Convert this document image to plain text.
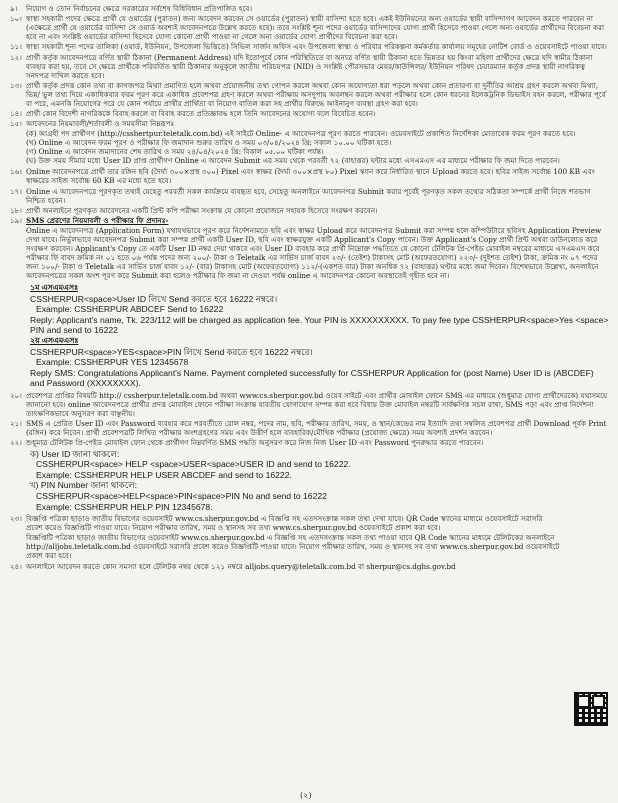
৯।	নিয়োগ ও তোন নির্বাচনের ক্ষেত্রে সরকারের সর্বশেষ বিধিবিধান প্রতিপালিত হবে।
১০। স্বাস্থ্য সহকারী পদের ক্ষেত্রে প্রার্থী যে ওয়ার্ডের (পুরাতন) জন্য আবেদন করবেন সে ওয়ার্ডের (পুরাতন) স্থায়ী বাসিন্দা হতে হবে। একই ইউনিয়নের অন্য ওয়ার্ডের স্থায়ী বাসিন্দাগণ আবেদন করতে পারবেন না (এক্ষেত্রে প্রার্থী যে ওয়ার্ডের বাসিন্দা সে ওয়ার্ড অবশ্যই আবেদনপত্রে উল্লেখ করতে হবে)। তবে সংশ্লিষ্ট শূন্য পদের ওয়ার্ডের বাসিন্দাদের যোগ্য প্রার্থী হিসেবে পাওয়া গেলে অন্য ওয়ার্ডের প্রার্থীদের বিবেচনা করা হবে না এবং সংশ্লিষ্ট ওয়ার্ডের বাসিন্দা হিসেবে যোগ্য কোনো প্রার্থী পাওয়া না গেলে অন্য ওয়ার্ডের যোগ্য প্রার্থীদের বিবেচনা করা হবে।
১১। স্বাস্থ্য সহকারী শূন্য পদের তালিকা (ওয়ার্ড, ইউনিয়ন, উপজেলা ভিত্তিতে) সিভিল সার্জন অফিস এবং উপজেলা স্বাস্থ্য ও পরিবার পরিকল্পনা কর্মকর্তার কার্যালয় সমূহের নোটিশ বোর্ড ও ওয়েবসাইটে পাওয়া যাবে।
১২। প্রার্থী কর্তৃক আবেদনপত্রে বর্ণিত স্থায়ী ঠিকানা (Permanent Address) যদি ইতোপূর্বে কোন পরিস্থিতিতে বা অন্যত্র বর্ণিত স্থায়ী ঠিকানা হতে ভিন্নতর হয় কিংবা মহিলা প্রার্থীদের ক্ষেত্রে যদি স্বামীর ঠিকানা ব্যবহার করা হয়, তবে সে ক্ষেত্রে প্রার্থীকে পরিবর্তিত স্থায়ী ঠিকানার অনুকূলে জাতীয় পরিচয়পত্র (NID) ও সংশ্লিষ্ট পৌরসভার মেয়র/কাউন্সিলর/ ইউনিয়ন পরিষদ চেয়ারম্যান কর্তৃক প্রদত্ত স্থায়ী নাগরিকত্ব সনদপত্র দাখিল করতে হবে।
১৩। প্রার্থী কর্তৃক প্রদত্ত কোন তথ্য বা কাগজপত্র মিথ্যা প্রমাণিত হলে অথবা প্রয়োজনীয় তথ্য গোপন করলে অথবা কোন অযোগ্যতা ধরা পড়লে অথবা কোন প্রতারণা বা দুর্নীতির আশ্রয় গ্রহণ করলে অথবা মিথ্যা, ভিন্ন/ ভুল তথ্য দিয়ে একাধিকবার ফরম পূরণ করে একাধিক প্রবেশপত্র গ্রহণ করলে অথবা পরীক্ষায় অসদুপায় অবলম্বন করলে অথবা পরীক্ষার হলে কোন ধরনের ইলেকট্রনিক ডিভাইস বহন করলে, পরীক্ষার পূর্বে বা পরে, এমনকি নিয়োগের পরে যে কোন পর্যায়ে প্রার্থীর প্রার্থিতা বা নিয়োগ বাতিল করা সহ প্রার্থীর বিরুদ্ধে আইনানুগ ব্যবস্থা গ্রহণ করা হবে।
১৪। প্রার্থী কোন বিদেশী নাগরিককে বিবাহ করলে বা বিবাহ করতে প্রতিজ্ঞাবদ্ধ হলে তিনি আবেদনের অযোগ্য বলে বিবেচিত হবেন।
১৫। আবেদনের নিয়মাবলী/শর্তাবলী ও সময়সীমা নিম্নরূপঃ
(ক) আগ্রহী পদ প্রার্থীগণ (http://csshertpur.teletalk.com.bd) এই সাইটে Online- এ আবেদনপত্র পূরণ করতে পারবেন। ওয়েবসাইটে প্রকাশিত নির্দেশিকা মোতাবেক ফরম পূরণ করতে হবে।
(খ) Online এ আবেদন ফরম পূরণ ও পরীক্ষার ফি জমাদান শুরুর তারিখ ও সময় ০৩/০৪/২০২৪ খ্রি: সকাল ১০.০০ ঘটিকা হতে।
(গ) Online এ আবেদন জমাদানের শেষ তারিখ ও সময় ২৪/০৪/২০২৪ খ্রি: বিকাল ০৫.০০ ঘটিকা পর্যন্ত।
(ঘ) উক্ত সময় সীমার মধ্যে User ID প্রাপ্ত প্রার্থীগণ Online এ আবেদন Submit এর সময় থেকে পরবর্তী ৭২ (বাহাত্তর) ঘন্টার মধ্যে এসএমএস এর মাধ্যমে পরীক্ষার ফি জমা দিতে পারবেন।
১৬। Online আবেদনপত্রে প্রার্থী তার রঙ্গিন ছবি (দৈর্ঘ্য ৩০০×প্রস্থ ৩০০) Pixel এবং স্বাক্ষর (দৈর্ঘ্য ৩০০×প্রস্থ ৮০) Pixel স্ক্যান করে নির্ধারিত স্থানে Upload করতে হবে। ছবির সাইজ সর্বোচ্চ 100 KB এবং স্বাক্ষরের সাইজ সর্বোচ্চ 60 KB এর মধ্যে হতে হবে।
১৭। Online এ আবেদনপত্রে পূরণকৃত তথ্যই যেহেতু পরবর্তী সকল কার্যক্রমে ব্যবহৃত হবে, সেহেতু অনলাইনে আবেদনপত্র Submit করার পূর্বেই পূরণকৃত সকল তথ্যের সঠিকতা সম্পর্কে প্রার্থী নিজে শতভাগ নিশ্চিত হবেন।
১৮। প্রার্থী অনলাইনে পূরণকৃত আবেদনের একটি প্রিন্ট কপি পরীক্ষা সংক্রান্ত যে কোনো প্রয়োজনে সহায়ক হিসেবে সংরক্ষণ করবেন।
১৯। SMS প্রেরণের নিয়মাবলী ও পরীক্ষার ফি প্রদানঃ-
Online এ আবেদনপত্র (Application Form) যথাযথভাবে পূরণ করে নির্দেশনামতে ছবি এবং স্বাক্ষর Upload করে আবেদনপত্র Submit করা সম্পন্ন হলে কম্পিউটারে ছবিসহ Application Preview দেখা যাবে। নির্ভুলভাবে আবেদনপত্র Submit করা সম্পন্ন প্রার্থী একটি User ID, ছবি এবং স্বাক্ষরযুক্ত একটি Applicant's Copy পাবেন। উক্ত Applicant's Copy প্রার্থী প্রিন্ট অথবা ডাউনলোড করে সংরক্ষণ করবেন। Applicant's Copy তে একটি User ID নম্বর দেয়া থাকবে এবং User ID ব্যবহার করে প্রার্থী নিম্নোক্ত পদ্ধতিতে যে কোনো টেলিটক প্রি-পেইড মোবাইল নম্বরের মাধ্যমে এসএমএস করে পরীক্ষার ফি বাবদ ক্রমিক নং ০১ হতে ০৬ পর্যন্ত পদের জন্য ২০০/- টাকা ও Teletalk এর সার্ভিস চার্জ বাবদ ২৩/- (তেইশ) টাকাসহ মোট (অফেরতযোগ্য) ২২৩/- (দুইশত তেইশ) টাকা, ক্রমিক নং ০৭ পদের জন্য ১০০/- টাকা ও Teletalk এর সার্ভিস চার্জ বাবদ ১২/- (বার) টাকাসহ মোট (অফেরতযোগ্য) ১১২/-(একশত বার) টাকা অনধিক ৭২ (বাহাত্তর) ঘণ্টার মধ্যে জমা দিবেন। বিশেষভাবে উল্লেখ্য, অনলাইনে আবেদনপত্রের সকল অংশ পূরণ করে Submit করা হলেও পরীক্ষার ফি জমা না দেওয়া পর্যন্ত online এ আবেদনপত্র কোনো অবস্থাতেই গৃহীত হবে না।
১ম এসএমএসঃ
CSSHERPUR<space>User ID লিখে Send করতে হবে 16222 নম্বরে।
Example: CSSHERPUR ABDCEF Send to 16222
Reply: Applicant's name, Tk. 223/112 will be charged as application fee. Your PIN is XXXXXXXXXX. To pay fee type CSSHERPUR<space>Yes <space> PIN and send to 16222
২য় এসএমএসঃ
CSSHERPUR<space>YES<space>PIN লিখে Send করতে হবে 16222 নম্বরে।
Example: CSSHERPUR YES 12345678
Reply SMS: Congratulations Applicant's Name. Payment completed successfully for CSSHERPUR Application for (post Name) User ID is (ABCDEF) and Password (XXXXXXXX).
২০। প্রবেশপত্র প্রাপ্তির বিষয়টি http:// cssherpur.teletalk.com.bd অথবা www.cs.sherpur.gov.bd ওয়েব সাইটে এবং প্রার্থীর মোবাইল ফোনে SMS এর মাধ্যমে (শুধুমাত্র যোগ্য প্রার্থীদেরকে) যথাসময়ে জানানো হবে। online আবেদনপত্রে প্রার্থীর প্রদত্ত মোবাইল ফোনে পরীক্ষা সংক্রান্ত যাবতীয় যোগাযোগ সম্পন্ন করা হবে বিধায় উক্ত মোবাইল নম্বরটি সার্বক্ষণিক সচল রাখা, SMS পড়া এবং প্রাপ্ত নির্দেশনা তাৎক্ষণিকভাবে অনুসরণ করা বাঞ্ছনীয়।
২১। SMS এ প্রেরিত User ID এবং Password ব্যবহার করে পরবর্তীতে রোল নম্বর, পদের নাম, ছবি, পরীক্ষার তারিখ, সময়, ও স্থান/কেন্দ্রের নাম ইত্যাদি তথ্য সম্বলিত প্রবেশপত্র প্রার্থী Download পূর্বক Print (রঙ্গিন) করে নিবেন। প্রার্থী প্রবেশপত্রটি লিখিত পরীক্ষায় অংশগ্রহণের সময় এবং উত্তীর্ণ হলে ব্যবহারিক/মৌখিক পরীক্ষার (প্রযোজ্য ক্ষেত্রে) সময় অবশ্যই প্রদর্শন করবেন।
২২। শুধুমাত্র টেলিটক প্রি-পেইড মোবাইল ফোন থেকে প্রার্থীগণ নিম্নবর্ণিত SMS পদ্ধতি অনুসরণ করে নিজ নিজ User ID এবং Password পুনরুদ্ধার করতে পারবেন।
ক) User ID জানা থাকলে:
CSSHERPUR<space> HELP <space>USER<space>USER ID and send to 16222.
Example: CSSHERPUR HELP USER ABCDEF and send to 16222.
খ) PIN Number জানা থাকলে:
CSSHERPUR<space>HELP<space>PIN<space>PIN No and send to 16222
Example: CSSHERPUR HELP PIN 12345678.
২৩। বিজ্ঞপ্তি পত্রিকা ছাড়াও জাতীয় বিভাগের ওয়েবসাইট www.cs.sherpur.gov.bd এ বিজ্ঞপ্তি সহ এতদসংক্রান্ত সকল তথ্য দেখা যাবে। QR Code স্ক্যানের মাধ্যমে ওয়েবসাইটে সরাসরি প্রবেশ করেও বিজ্ঞপ্তিটি পাওয়া যাবে। নিয়োগ পরীক্ষার তারিখ, সময় ও স্থানসহ সব তথ্য www.cs.sherpur.gov.bd ওয়েবসাইটে প্রকাশ করা হবে।
বিজ্ঞপ্তিটি পত্রিকা ছাড়াও জাতীয় বিভাগের ওয়েবসাইট www.cs.sherpur.gov.bd এ বিজ্ঞপ্তি সহ এতদসংক্রান্ত সকল তথ্য পাওয়া যাবে QR Code স্ক্যানের মাধ্যমে টেলিটকের অনলাইনে http://alljobs.teletalk.com.bd ওয়েবসাইটে সরাসরি প্রবেশ করেও বিজ্ঞপ্তিটি পাওয়া যাবে। নিয়োগ পরীক্ষার তারিখ, সময় ও স্থানসহ সব তথ্য www.cs.sherpur.gov.bd ওয়েবসাইটে প্রকাশ করা হবে।
২৪। অনলাইনে আবেদন করতে কোন সমস্যা হলে টেলিটক নম্বর থেকে ১২১ নম্বরে alljobs.query@teletalk.com.bd বা sherpur@cs.dghs.gov.bd
(২)
